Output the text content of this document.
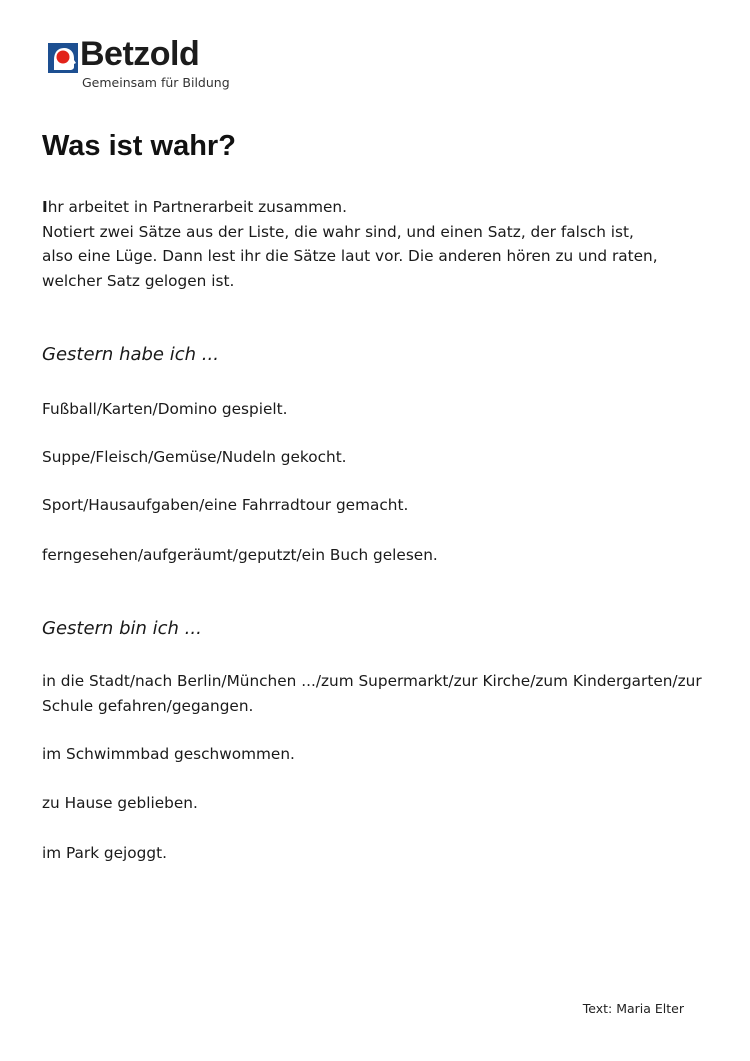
Betzold
Gemeinsam für Bildung
Was ist wahr?

Ihr arbeitet in Partnerarbeit zusammen.
Notiert zwei Sätze aus der Liste, die wahr sind, und einen Satz, der falsch ist,
also eine Lüge. Dann lest ihr die Sätze laut vor. Die anderen hören zu und raten,
welcher Satz gelogen ist.

Gestern habe ich ...

Fußball/Karten/Domino gespielt.

Suppe/Fleisch/Gemüse/Nudeln gekocht.

Sport/Hausaufgaben/eine Fahrradtour gemacht.

ferngesehen/aufgeräumt/geputzt/ein Buch gelesen.

Gestern bin ich ...

in die Stadt/nach Berlin/München .../zum Supermarkt/zur Kirche/zum Kindergarten/zur Schule gefahren/gegangen.

im Schwimmbad geschwommen.

zu Hause geblieben.

im Park gejoggt.

Text: Maria Elter
